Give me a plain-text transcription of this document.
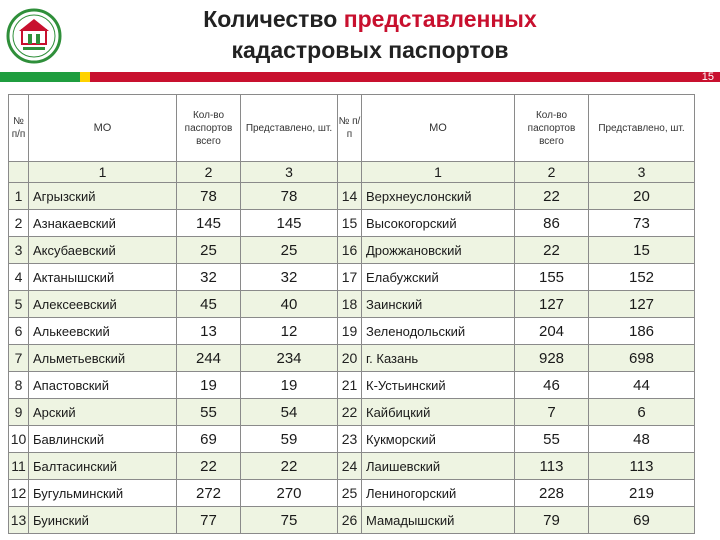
Количество представленных
кадастровых паспортов
15
№ п/п	МО	Кол-во паспортов всего	Представлено, шт.	№ п/п	МО	Кол-во паспортов всего	Представлено, шт.
	1	2	3		1	2	3
1	Агрызский	78	78	14	Верхнеуслонский	22	20
2	Азнакаевский	145	145	15	Высокогорский	86	73
3	Аксубаевский	25	25	16	Дрожжановский	22	15
4	Актанышский	32	32	17	Елабужский	155	152
5	Алексеевский	45	40	18	Заинский	127	127
6	Алькеевский	13	12	19	Зеленодольский	204	186
7	Альметьевский	244	234	20	г. Казань	928	698
8	Апастовский	19	19	21	К-Устьинский	46	44
9	Арский	55	54	22	Кайбицкий	7	6
10	Бавлинский	69	59	23	Кукморский	55	48
11	Балтасинский	22	22	24	Лаишевский	113	113
12	Бугульминский	272	270	25	Лениногорский	228	219
13	Буинский	77	75	26	Мамадышский	79	69
